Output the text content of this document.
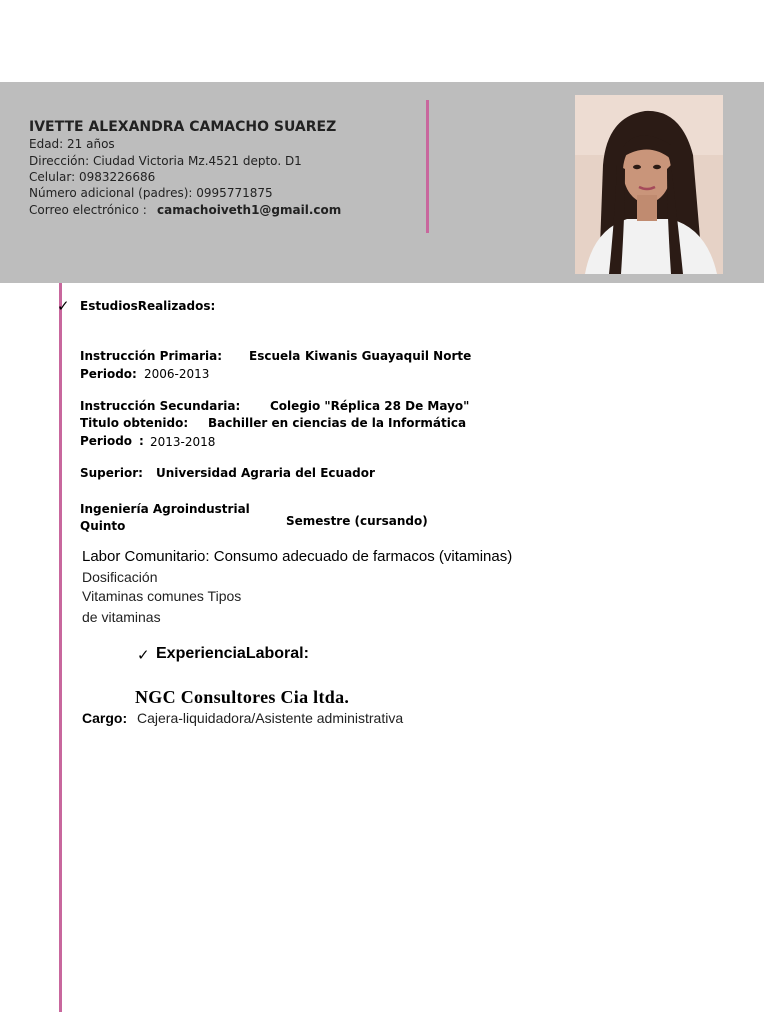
IVETTE ALEXANDRA CAMACHO SUAREZ
Edad: 21 años
Dirección: Ciudad Victoria Mz.4521 depto. D1
Celular: 0983226686
Número adicional (padres): 0995771875
Correo electrónico : camachoiveth1@gmail.com
✓ EstudiosRealizados:
Instrucción Primaria: Escuela Kiwanis Guayaquil Norte
Periodo: 2006-2013
Instrucción Secundaria: Colegio "Réplica 28 De Mayo"
Titulo obtenido: Bachiller en ciencias de la Informática
Periodo : 2013-2018
Superior: Universidad Agraria del Ecuador
Ingeniería Agroindustrial
Quinto	Semestre (cursando)
Labor Comunitario: Consumo adecuado de farmacos (vitaminas)
Dosificación
Vitaminas comunes Tipos
de vitaminas
✓ ExperienciaLaboral:
NGC Consultores Cia ltda.
Cargo: Cajera-liquidadora/Asistente administrativa
